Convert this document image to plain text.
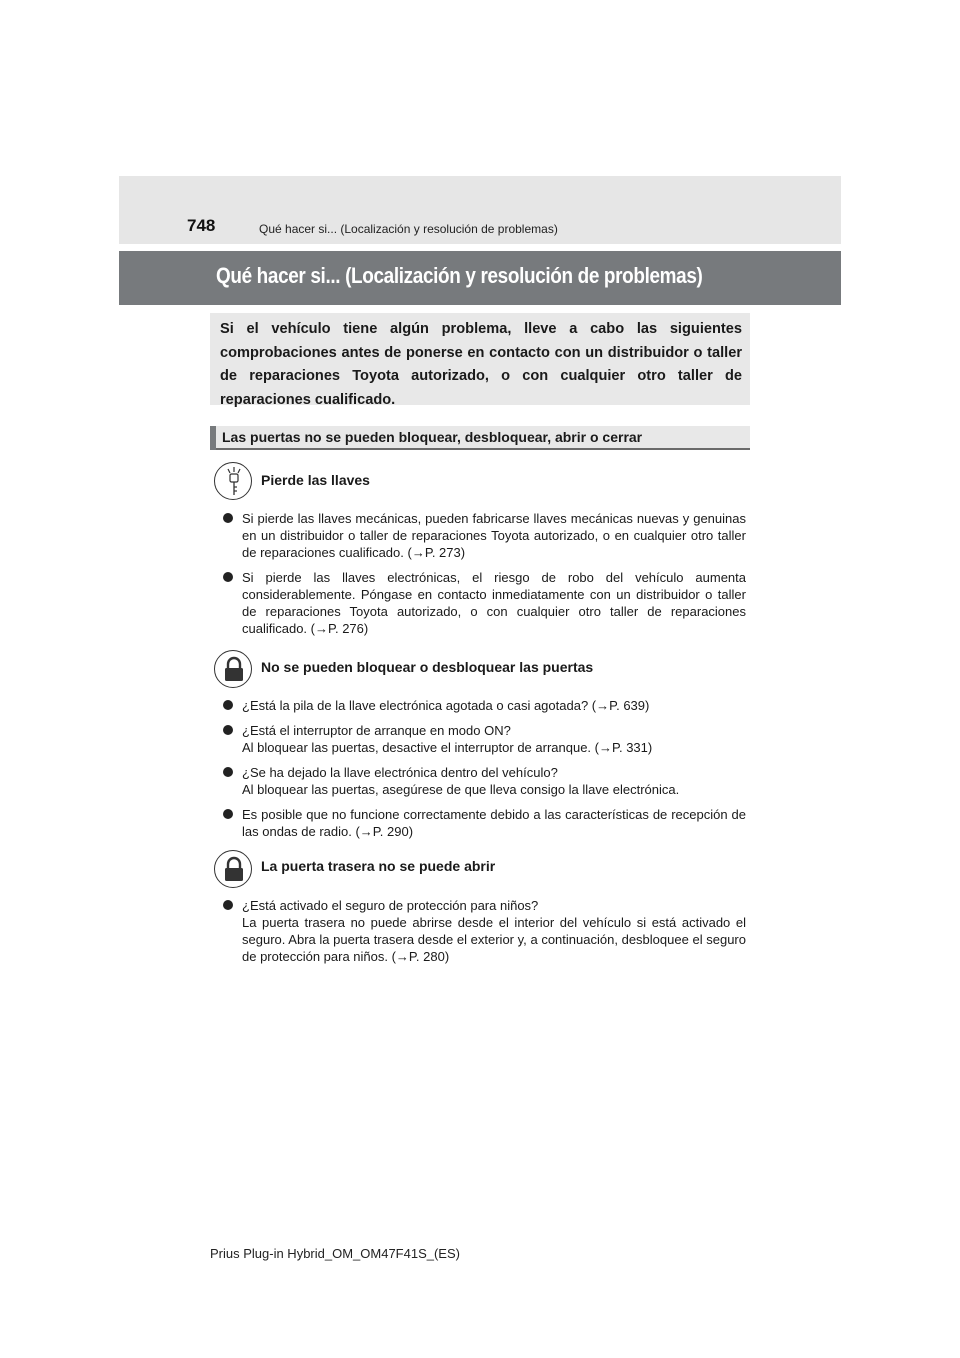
748	Qué hacer si... (Localización y resolución de problemas)
Qué hacer si... (Localización y resolución de problemas)
Si el vehículo tiene algún problema, lleve a cabo las siguientes comprobaciones antes de ponerse en contacto con un distribuidor o taller de reparaciones Toyota autorizado, o con cualquier otro taller de reparaciones cualificado.
Las puertas no se pueden bloquear, desbloquear, abrir o cerrar
Pierde las llaves
Si pierde las llaves mecánicas, pueden fabricarse llaves mecánicas nuevas y genuinas en un distribuidor o taller de reparaciones Toyota autorizado, o en cualquier otro taller de reparaciones cualificado. (→P. 273)
Si pierde las llaves electrónicas, el riesgo de robo del vehículo aumenta considerablemente. Póngase en contacto inmediatamente con un distribuidor o taller de reparaciones Toyota autorizado, o con cualquier otro taller de reparaciones cualificado. (→P. 276)
No se pueden bloquear o desbloquear las puertas
¿Está la pila de la llave electrónica agotada o casi agotada? (→P. 639)
¿Está el interruptor de arranque en modo ON?
Al bloquear las puertas, desactive el interruptor de arranque. (→P. 331)
¿Se ha dejado la llave electrónica dentro del vehículo?
Al bloquear las puertas, asegúrese de que lleva consigo la llave electrónica.
Es posible que no funcione correctamente debido a las características de recepción de las ondas de radio. (→P. 290)
La puerta trasera no se puede abrir
¿Está activado el seguro de protección para niños?
La puerta trasera no puede abrirse desde el interior del vehículo si está activado el seguro. Abra la puerta trasera desde el exterior y, a continuación, desbloquee el seguro de protección para niños. (→P. 280)
Prius Plug-in Hybrid_OM_OM47F41S_(ES)
